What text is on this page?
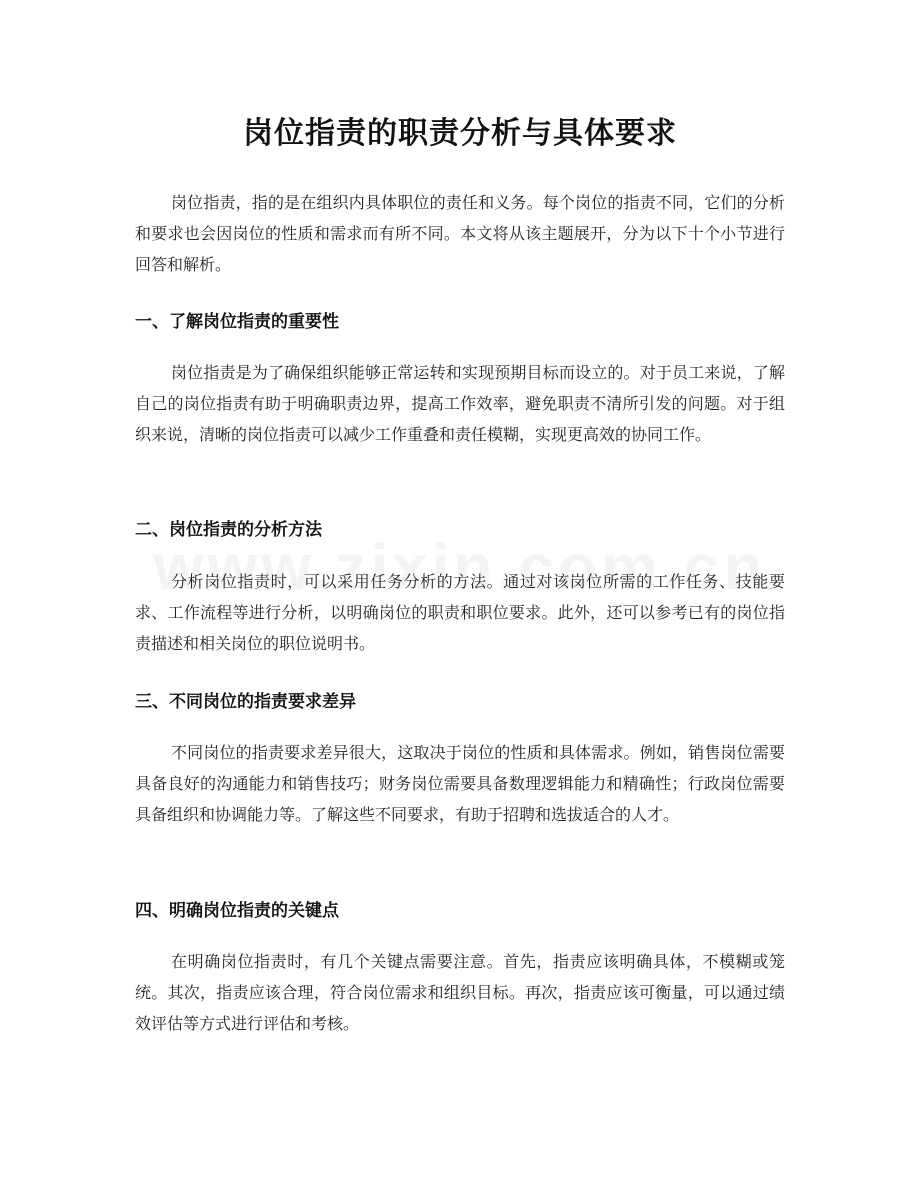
岗位指责的职责分析与具体要求

岗位指责，指的是在组织内具体职位的责任和义务。每个岗位的指责不同，它们的分析和要求也会因岗位的性质和需求而有所不同。本文将从该主题展开，分为以下十个小节进行回答和解析。

一、了解岗位指责的重要性

岗位指责是为了确保组织能够正常运转和实现预期目标而设立的。对于员工来说，了解自己的岗位指责有助于明确职责边界，提高工作效率，避免职责不清所引发的问题。对于组织来说，清晰的岗位指责可以减少工作重叠和责任模糊，实现更高效的协同工作。

二、岗位指责的分析方法

分析岗位指责时，可以采用任务分析的方法。通过对该岗位所需的工作任务、技能要求、工作流程等进行分析，以明确岗位的职责和职位要求。此外，还可以参考已有的岗位指责描述和相关岗位的职位说明书。

三、不同岗位的指责要求差异

不同岗位的指责要求差异很大，这取决于岗位的性质和具体需求。例如，销售岗位需要具备良好的沟通能力和销售技巧；财务岗位需要具备数理逻辑能力和精确性；行政岗位需要具备组织和协调能力等。了解这些不同要求，有助于招聘和选拔适合的人才。

四、明确岗位指责的关键点

在明确岗位指责时，有几个关键点需要注意。首先，指责应该明确具体，不模糊或笼统。其次，指责应该合理，符合岗位需求和组织目标。再次，指责应该可衡量，可以通过绩效评估等方式进行评估和考核。
